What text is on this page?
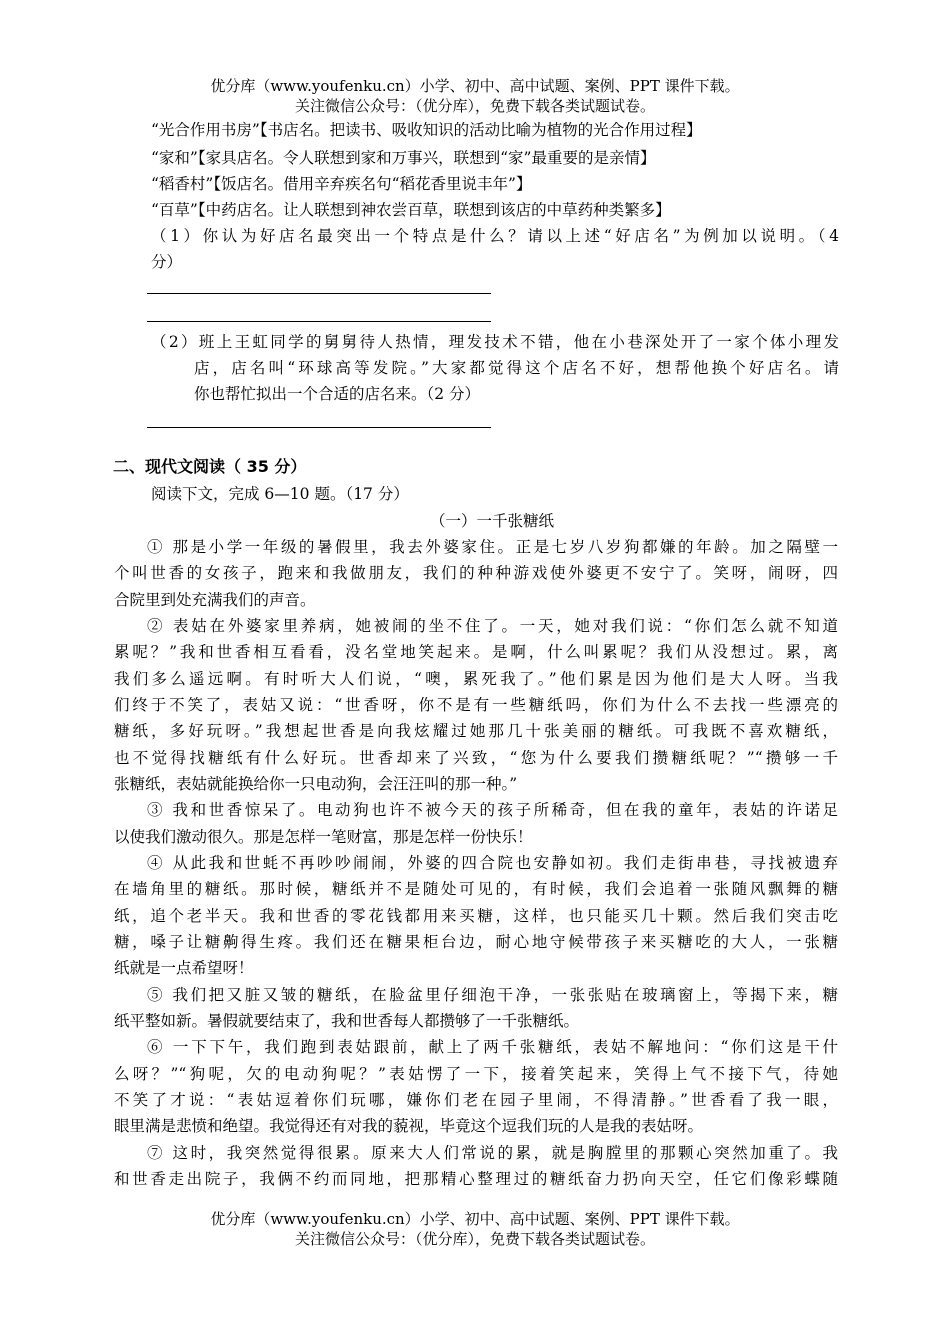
优分库（www.youfenku.cn）小学、初中、高中试题、案例、PPT 课件下载。
关注微信公众号：（优分库），免费下载各类试题试卷。
“光合作用书房”【书店名。把读书、吸收知识的活动比喻为植物的光合作用过程】
“家和”【家具店名。令人联想到家和万事兴，联想到“家”最重要的是亲情】
“稻香村”【饭店名。借用辛弃疾名句“稻花香里说丰年”】
“百草”【中药店名。让人联想到神农尝百草，联想到该店的中草药种类繁多】
（1）你认为好店名最突出一个特点是什么？请以上述“好店名”为例加以说明。（4
分）
（2）班上王虹同学的舅舅待人热情，理发技术不错，他在小巷深处开了一家个体小理发
店，店名叫“环球高等发院。”大家都觉得这个店名不好，想帮他换个好店名。请
你也帮忙拟出一个合适的店名来。（2 分）
二、现代文阅读（ 35 分）
阅读下文，完成 6—10 题。（17 分）
（一）一千张糖纸
① 那是小学一年级的暑假里，我去外婆家住。正是七岁八岁狗都嫌的年龄。加之隔壁一
个叫世香的女孩子，跑来和我做朋友，我们的种种游戏使外婆更不安宁了。笑呀，闹呀，四
合院里到处充满我们的声音。
② 表姑在外婆家里养病，她被闹的坐不住了。一天，她对我们说：“你们怎么就不知道
累呢？”我和世香相互看看，没名堂地笑起来。是啊，什么叫累呢？我们从没想过。累，离
我们多么遥远啊。有时听大人们说，“噢，累死我了。”他们累是因为他们是大人呀。当我
们终于不笑了，表姑又说：“世香呀，你不是有一些糖纸吗，你们为什么不去找一些漂亮的
糖纸，多好玩呀。”我想起世香是向我炫耀过她那几十张美丽的糖纸。可我既不喜欢糖纸，
也不觉得找糖纸有什么好玩。世香却来了兴致，“您为什么要我们攒糖纸呢？”“攒够一千
张糖纸，表姑就能换给你一只电动狗，会汪汪叫的那一种。”
③ 我和世香惊呆了。电动狗也许不被今天的孩子所稀奇，但在我的童年，表姑的许诺足
以使我们激动很久。那是怎样一笔财富，那是怎样一份快乐！
④ 从此我和世蚝不再吵吵闹闹，外婆的四合院也安静如初。我们走街串巷，寻找被遗弃
在墙角里的糖纸。那时候，糖纸并不是随处可见的，有时候，我们会追着一张随风飘舞的糖
纸，追个老半天。我和世香的零花钱都用来买糖，这样，也只能买几十颗。然后我们突击吃
糖，嗓子让糖齁得生疼。我们还在糖果柜台边，耐心地守候带孩子来买糖吃的大人，一张糖
纸就是一点希望呀！
⑤ 我们把又脏又皱的糖纸，在脸盆里仔细泡干净，一张张贴在玻璃窗上，等揭下来，糖
纸平整如新。暑假就要结束了，我和世香每人都攒够了一千张糖纸。
⑥ 一下下午，我们跑到表姑跟前，献上了两千张糖纸，表姑不解地问：“你们这是干什
么呀？”“狗呢，欠的电动狗呢？”表姑愣了一下，接着笑起来，笑得上气不接下气，待她
不笑了才说：“表姑逗着你们玩哪，嫌你们老在园子里闹，不得清静。”世香看了我一眼，
眼里满是悲愤和绝望。我觉得还有对我的藐视，毕竟这个逗我们玩的人是我的表姑呀。
⑦ 这时，我突然觉得很累。原来大人们常说的累，就是胸膛里的那颗心突然加重了。我
和世香走出院子，我俩不约而同地，把那精心整理过的糖纸奋力扔向天空，任它们像彩蝶随
优分库（www.youfenku.cn）小学、初中、高中试题、案例、PPT 课件下载。
关注微信公众号：（优分库），免费下载各类试题试卷。
